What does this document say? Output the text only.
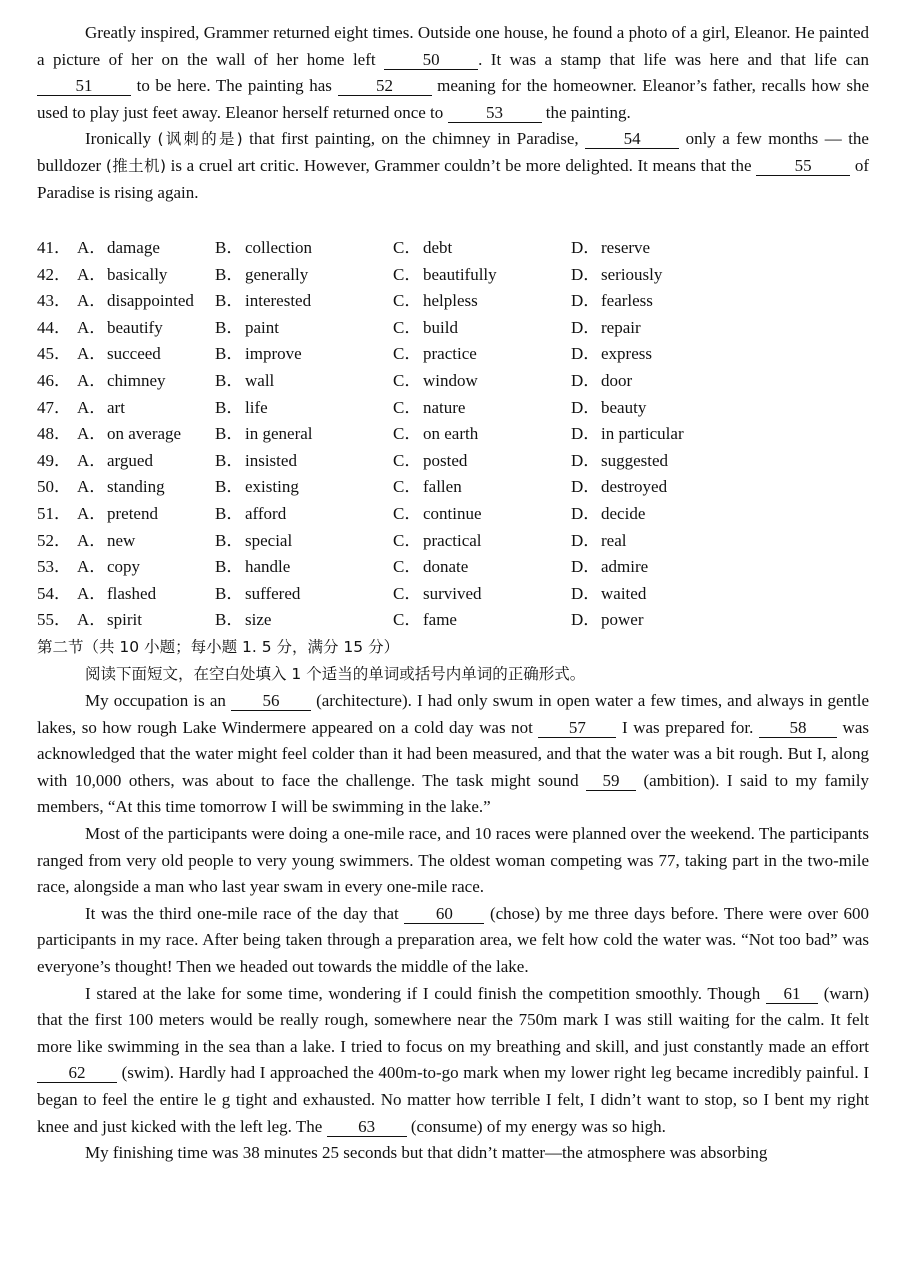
Greatly inspired, Grammer returned eight times. Outside one house, he found a photo of a girl, Eleanor. He painted a picture of her on the wall of her home left 50 . It was a stamp that life was here and that life can 51 to be here. The painting has 52 meaning for the homeowner. Eleanor’s father, recalls how she used to play just feet away. Eleanor herself returned once to 53 the painting.

Ironically (讽刺的是) that first painting, on the chimney in Paradise, 54 only a few months — the bulldozer (推土机) is a cruel art critic. However, Grammer couldn’t be more delighted. It means that the 55 of Paradise is rising again.

41． A． damage	B． collection	C． debt	D． reserve
42． A． basically	B． generally	C． beautifully	D． seriously
43． A． disappointed B． interested	C． helpless	D． fearless
44． A． beautify	B． paint	C． build	D． repair
45． A． succeed	B． improve	C． practice	D． express
46． A． chimney	B． wall	C． window	D． door
47． A． art	B． life	C． nature	D． beauty
48． A． on average B． in general	C． on earth	D． in particular
49． A． argued	B． insisted	C． posted	D． suggested
50． A． standing	B． existing	C． fallen	D． destroyed
51． A． pretend	B． afford	C． continue	D． decide
52． A． new	B． special	C． practical	D． real
53． A． copy	B． handle	C． donate	D． admire
54． A． flashed	B． suffered	C． survived	D． waited
55． A． spirit	B． size	C． fame	D． power
第二节（共 10 小题；每小题 1. 5 分，满分 15 分）
阅读下面短文，在空白处填入 1 个适当的单词或括号内单词的正确形式。

My occupation is an 56 (architecture). I had only swum in open water a few times, and always in gentle lakes, so how rough Lake Windermere appeared on a cold day was not 57 I was prepared for. 58 was acknowledged that the water might feel colder than it had been measured, and that the water was a bit rough. But I, along with 10,000 others, was about to face the challenge. The task might sound 59 (ambition). I said to my family members, “At this time tomorrow I will be swimming in the lake.”

Most of the participants were doing a one-mile race, and 10 races were planned over the weekend. The participants ranged from very old people to very young swimmers. The oldest woman competing was 77, taking part in the two-mile race, alongside a man who last year swam in every one-mile race.

It was the third one-mile race of the day that 60 (chose) by me three days before. There were over 600 participants in my race. After being taken through a preparation area, we felt how cold the water was. “Not too bad” was everyone’s thought! Then we headed out towards the middle of the lake.

I stared at the lake for some time, wondering if I could finish the competition smoothly. Though 61 (warn) that the first 100 meters would be really rough, somewhere near the 750m mark I was still waiting for the calm. It felt more like swimming in the sea than a lake. I tried to focus on my breathing and skill, and just constantly made an effort 62 (swim). Hardly had I approached the 400m-to-go mark when my lower right leg became incredibly painful. I began to feel the entire le g tight and exhausted. No matter how terrible I felt, I didn’t want to stop, so I bent my right knee and just kicked with the left leg. The 63 (consume) of my energy was so high.

My finishing time was 38 minutes 25 seconds but that didn’t matter—the atmosphere was absorbing
